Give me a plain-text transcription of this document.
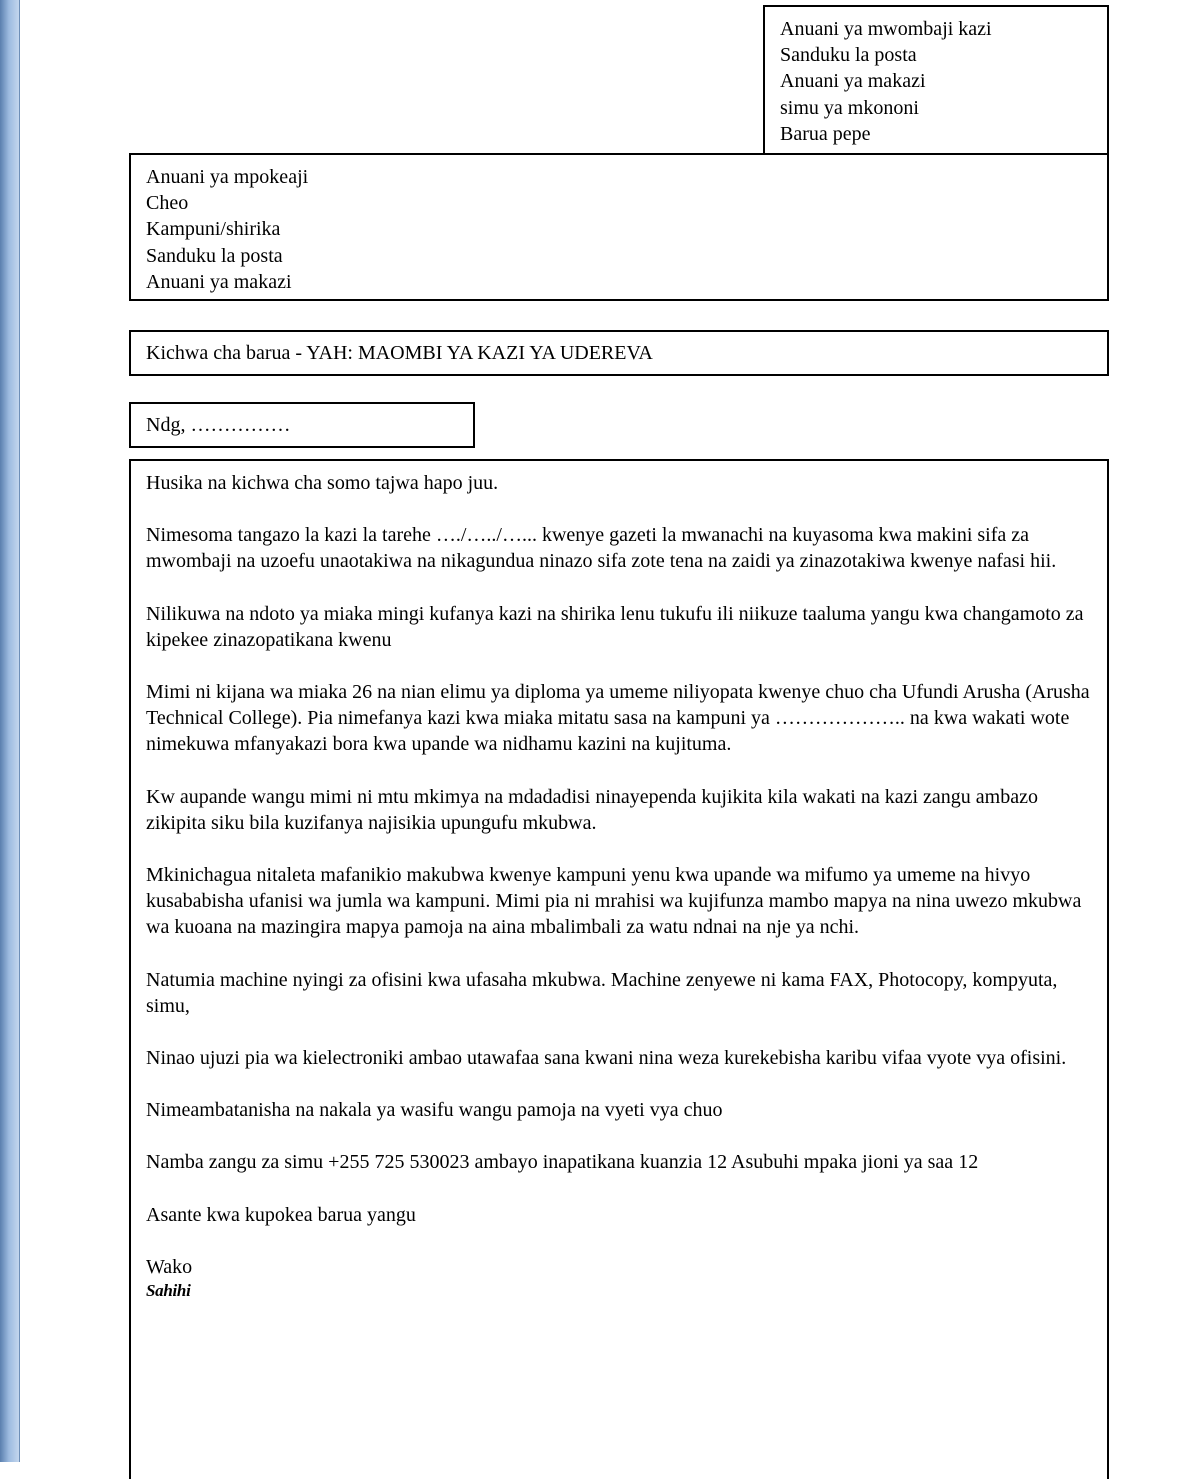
Anuani ya mwombaji kazi
Sanduku la posta
Anuani ya makazi
simu ya mkononi
Barua pepe
Anuani ya mpokeaji
Cheo
Kampuni/shirika
Sanduku la posta
Anuani ya makazi
Kichwa cha barua - YAH: MAOMBI YA KAZI YA UDEREVA
Ndg, ……………

Husika na kichwa cha somo tajwa hapo juu.

Nimesoma tangazo la kazi la tarehe …./…../…... kwenye gazeti la mwanachi na kuyasoma kwa makini sifa za mwombaji na uzoefu unaotakiwa na nikagundua ninazo sifa zote tena na zaidi ya zinazotakiwa kwenye nafasi hii.

Nilikuwa na ndoto ya miaka mingi kufanya kazi na shirika lenu tukufu ili niikuze taaluma yangu kwa changamoto za kipekee zinazopatikana kwenu

Mimi ni kijana wa miaka 26 na nian elimu ya diploma ya umeme niliyopata kwenye chuo cha Ufundi Arusha (Arusha Technical College). Pia nimefanya kazi kwa miaka mitatu sasa na kampuni ya ……………….. na kwa wakati wote nimekuwa mfanyakazi bora kwa upande wa nidhamu kazini na kujituma.

Kw aupande wangu mimi ni mtu mkimya na mdadadisi ninayependa kujikita kila wakati na kazi zangu ambazo zikipita siku bila kuzifanya najisikia upungufu mkubwa.

Mkinichagua nitaleta mafanikio makubwa kwenye kampuni yenu kwa upande wa mifumo ya umeme na hivyo kusababisha ufanisi wa jumla wa kampuni. Mimi pia ni mrahisi wa kujifunza mambo mapya na nina uwezo mkubwa wa kuoana na mazingira mapya pamoja na aina mbalimbali za watu ndnai na nje ya nchi.

Natumia machine nyingi za ofisini kwa ufasaha mkubwa. Machine zenyewe ni kama FAX, Photocopy, kompyuta, simu,

Ninao ujuzi pia wa kielectroniki ambao utawafaa sana kwani nina weza kurekebisha karibu vifaa vyote vya ofisini.

Nimeambatanisha na nakala ya wasifu wangu pamoja na vyeti vya chuo

Namba zangu za simu +255 725 530023 ambayo inapatikana kuanzia 12 Asubuhi mpaka jioni ya saa 12

Asante kwa kupokea barua yangu

Wako

Sahihi
